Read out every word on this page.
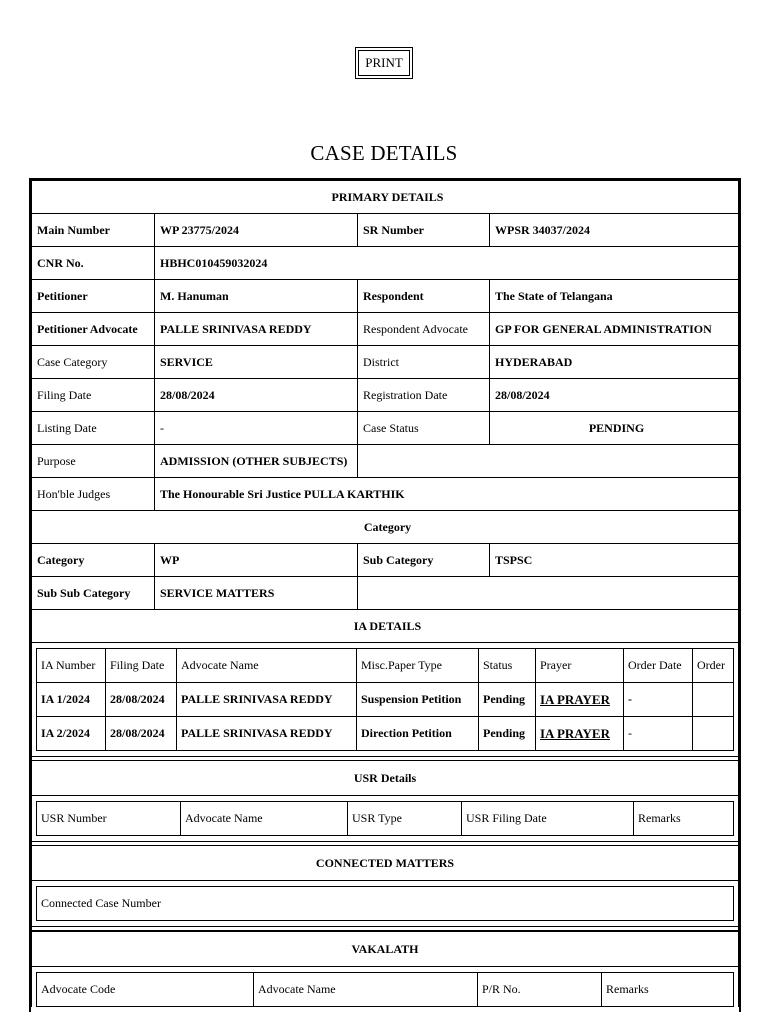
PRINT
CASE DETAILS
PRIMARY DETAILS			
Main Number	WP 23775/2024	SR Number	WPSR 34037/2024
CNR No.	HBHC010459032024		
Petitioner	M. Hanuman	Respondent	The State of Telangana
Petitioner Advocate	PALLE SRINIVASA REDDY	Respondent Advocate	GP FOR GENERAL ADMINISTRATION
Case Category	SERVICE	District	HYDERABAD
Filing Date	28/08/2024	Registration Date	28/08/2024
Listing Date	-	Case Status	PENDING
Purpose	ADMISSION (OTHER SUBJECTS)		
Hon'ble Judges	The Honourable Sri Justice PULLA KARTHIK		
Category			
Category	WP	Sub Category	TSPSC
Sub Sub Category	SERVICE MATTERS		
IA DETAILS			
IA Number	Filing Date	Advocate Name	Misc.Paper Type	Status	Prayer	Order Date	Order
IA 1/2024	28/08/2024	PALLE SRINIVASA REDDY	Suspension Petition	Pending	IA PRAYER	-	
IA 2/2024	28/08/2024	PALLE SRINIVASA REDDY	Direction Petition	Pending	IA PRAYER	-	
USR Details
USR Number	Advocate Name	USR Type	USR Filing Date	Remarks
CONNECTED MATTERS
Connected Case Number
VAKALATH
Advocate Code	Advocate Name	P/R No.	Remarks
